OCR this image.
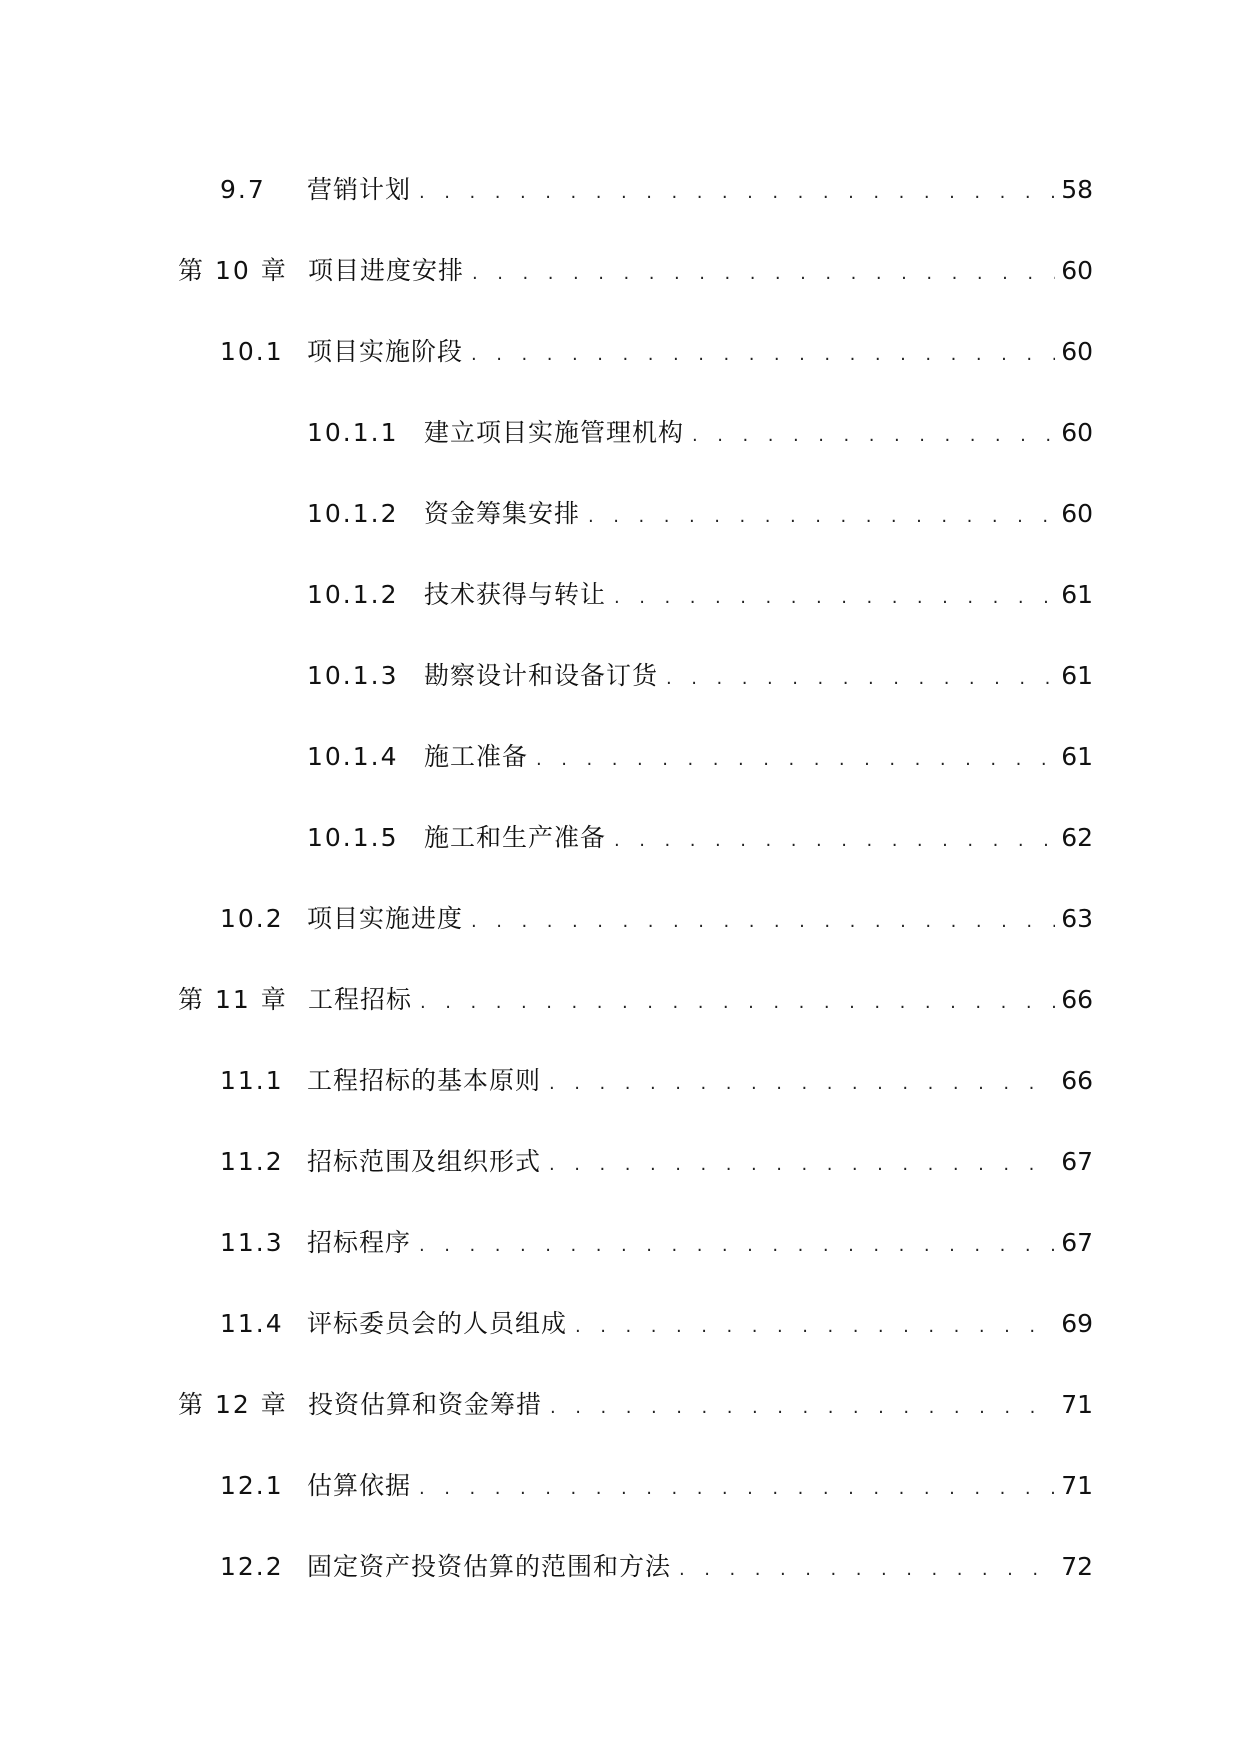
9.7	营销计划 . . .	58
第 10 章 项目进度安排 . . .	60
10.1 项目实施阶段 . . .	60
10.1.1	建立项目实施管理机构 . . .	60
10.1.2	资金筹集安排 . . .	60
10.1.2	技术获得与转让 . . .	61
10.1.3	勘察设计和设备订货 . . .	61
10.1.4	施工准备 . . .	61
10.1.5	施工和生产准备 . . .	62
10.2 项目实施进度 . . .	63
第 11 章 工程招标 . . .	66
11.1 工程招标的基本原则 . . .	66
11.2 招标范围及组织形式 . . .	67
11.3 招标程序 . . .	67
11.4 评标委员会的人员组成 . . .	69
第 12 章 投资估算和资金筹措 . . .	71
12.1 估算依据 . . .	71
12.2 固定资产投资估算的范围和方法 . . .	72
